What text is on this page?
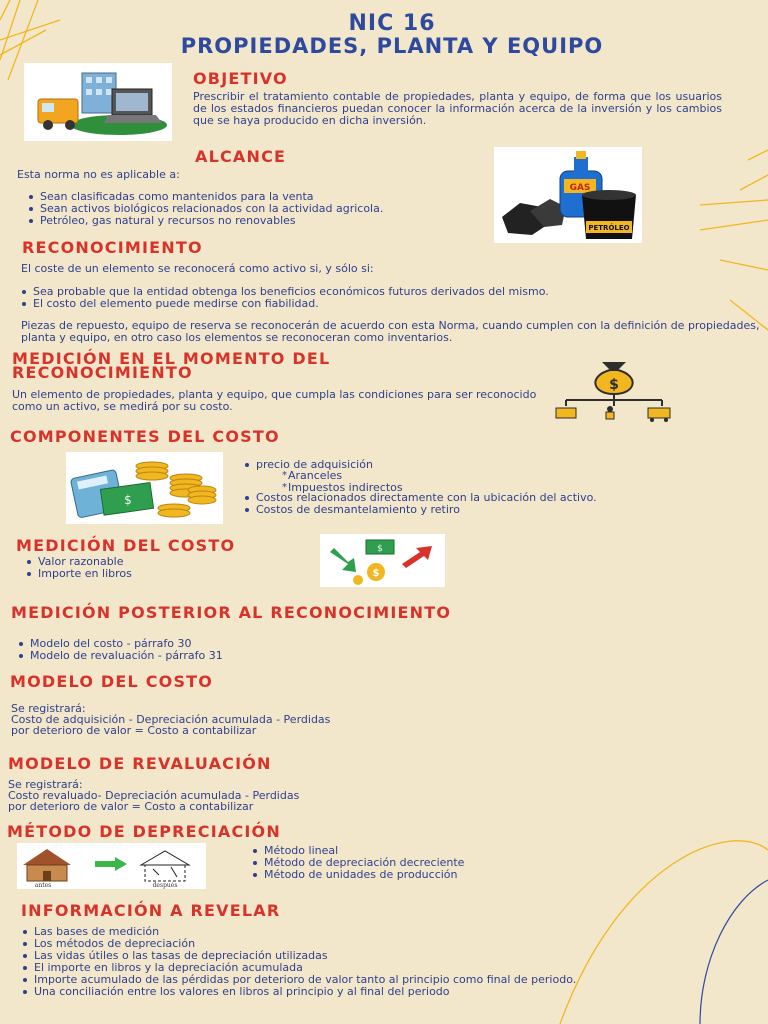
NIC 16
PROPIEDADES, PLANTA Y EQUIPO
OBJETIVO
Prescribir el tratamiento contable de propiedades, planta y equipo, de forma que los usuarios de los estados financieros puedan conocer la información acerca de la inversión y los cambios que se haya producido en dicha inversión.
ALCANCE
Esta norma no es aplicable a:
Sean clasificadas como mantenidos para la venta
Sean activos biológicos relacionados con la actividad agricola.
Petróleo, gas natural y recursos no renovables
GAS
PETRÓLEO
RECONOCIMIENTO
El coste de un elemento se reconocerá como activo si, y sólo si:
Sea probable que la entidad obtenga los beneficios económicos futuros derivados del mismo.
El costo del elemento puede medirse con fiabilidad.
Piezas de repuesto, equipo de reserva se reconocerán de acuerdo con esta Norma, cuando cumplen con la definición de propiedades, planta y equipo, en otro caso los elementos se reconoceran como inventarios.
MEDICIÓN EN EL MOMENTO DEL
RECONOCIMIENTO
Un elemento de propiedades, planta y equipo, que cumpla las condiciones para ser reconocido como un activo, se medirá por su costo.
$
COMPONENTES DEL COSTO
$
precio de adquisición
* Aranceles
* Impuestos indirectos
Costos relacionados directamente con la ubicación del activo.
Costos de desmantelamiento y retiro
MEDICIÓN DEL COSTO
Valor razonable
Importe en libros
$
$
MEDICIÓN POSTERIOR AL RECONOCIMIENTO
Modelo del costo - párrafo 30
Modelo de revaluación - párrafo 31
MODELO DEL COSTO
Se registrará:
Costo de adquisición - Depreciación acumulada - Perdidas
por deterioro de valor = Costo a contabilizar
MODELO DE REVALUACIÓN
Se registrará:
Costo revaluado- Depreciación acumulada - Perdidas
por deterioro de valor = Costo a contabilizar
MÉTODO DE DEPRECIACIÓN
antes	después
Método lineal
Método de depreciación decreciente
Método de unidades de producción
INFORMACIÓN A REVELAR
Las bases de medición
Los métodos de depreciación
Las vidas útiles o las tasas de depreciación utilizadas
El importe en libros y la depreciación acumulada
Importe acumulado de las pérdidas por deterioro de valor tanto al principio como final de periodo.
Una conciliación entre los valores en libros al principio y al final del periodo
